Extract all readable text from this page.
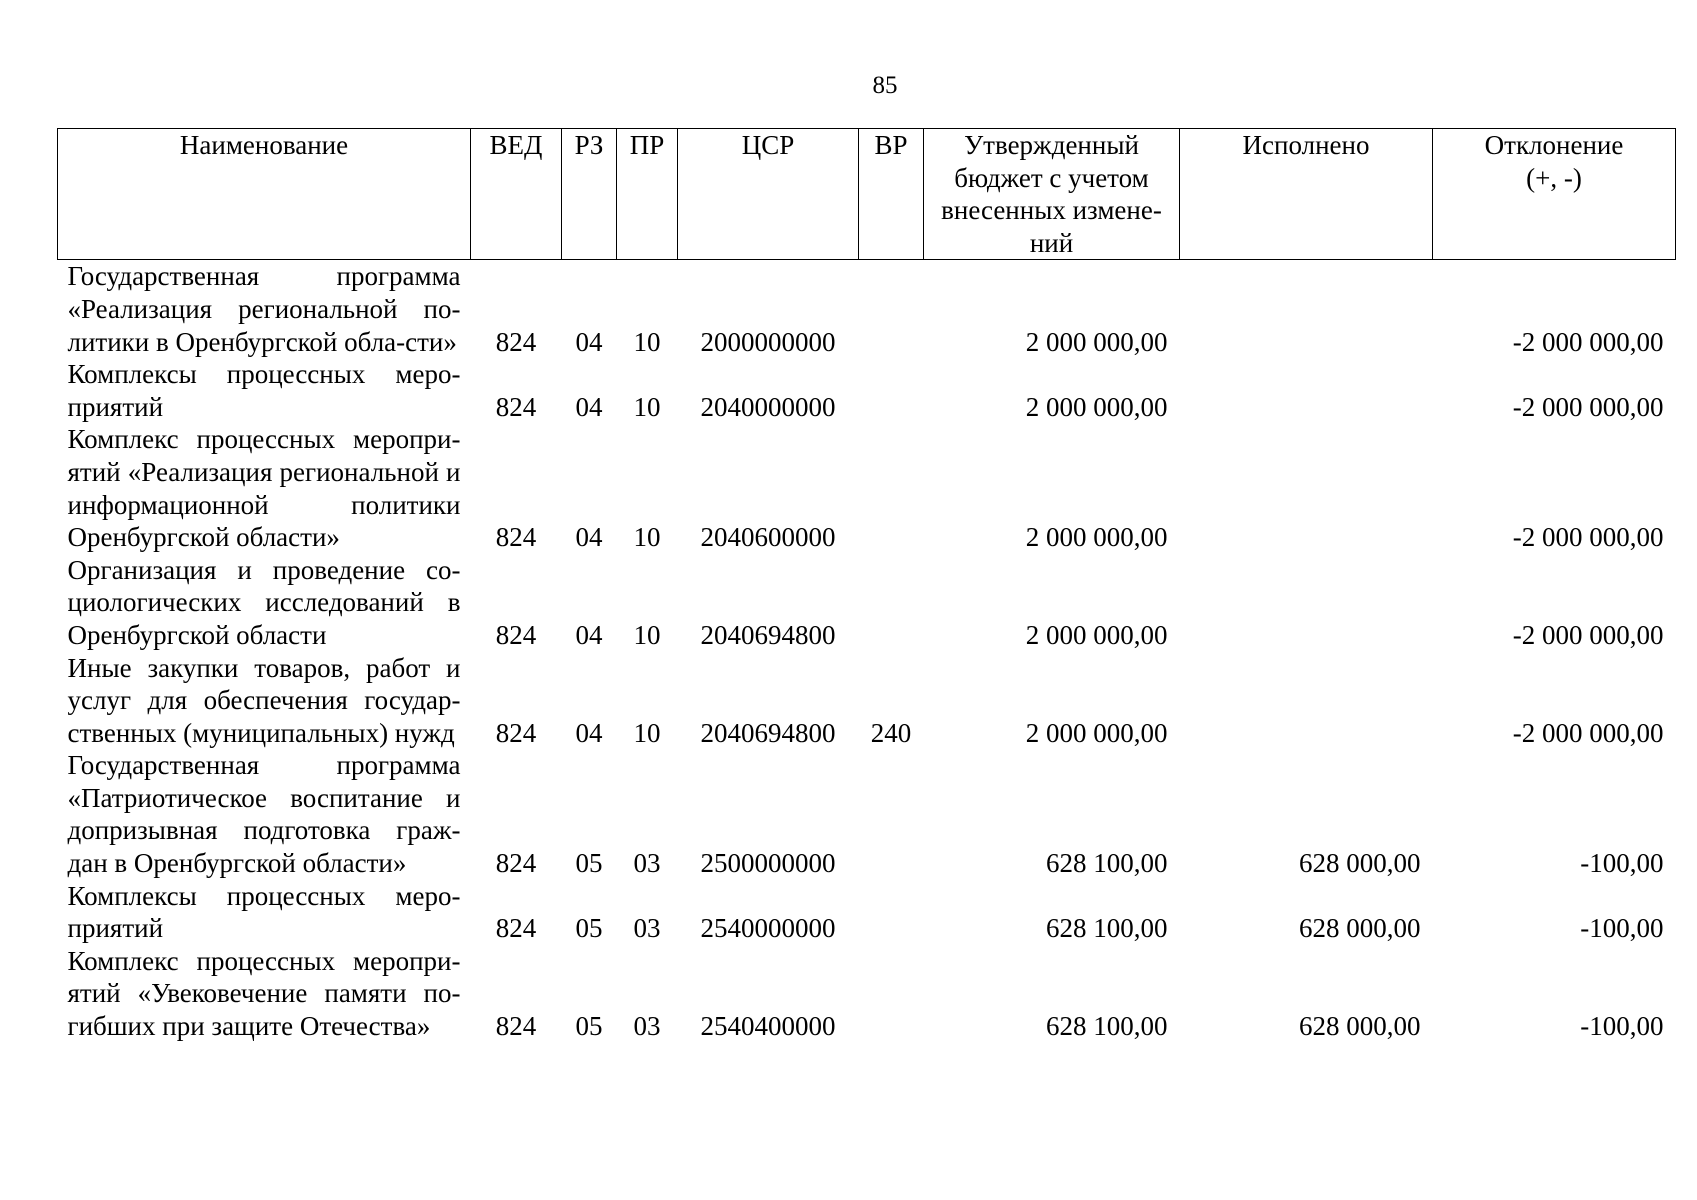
85
Наименование	ВЕД	РЗ	ПР	ЦСР	ВР	Утвержденный
бюджет с учетом
внесенных измене-
ний	Исполнено	Отклонение
(+, -)
Государственная программа «Реализация региональной по-литики в Оренбургской обла-сти»	824	04	10	2000000000		2 000 000,00		-2 000 000,00
Комплексы процессных меро-приятий	824	04	10	2040000000		2 000 000,00		-2 000 000,00
Комплекс процессных меропри-ятий «Реализация региональной и информационной политики Оренбургской области»	824	04	10	2040600000		2 000 000,00		-2 000 000,00
Организация и проведение со-циологических исследований в Оренбургской области	824	04	10	2040694800		2 000 000,00		-2 000 000,00
Иные закупки товаров, работ и услуг для обеспечения государ-ственных (муниципальных) нужд	824	04	10	2040694800	240	2 000 000,00		-2 000 000,00
Государственная программа «Патриотическое воспитание и допризывная подготовка граж-дан в Оренбургской области»	824	05	03	2500000000		628 100,00	628 000,00	-100,00
Комплексы процессных меро-приятий	824	05	03	2540000000		628 100,00	628 000,00	-100,00
Комплекс процессных меропри-ятий «Увековечение памяти по-гибших при защите Отечества»	824	05	03	2540400000		628 100,00	628 000,00	-100,00
